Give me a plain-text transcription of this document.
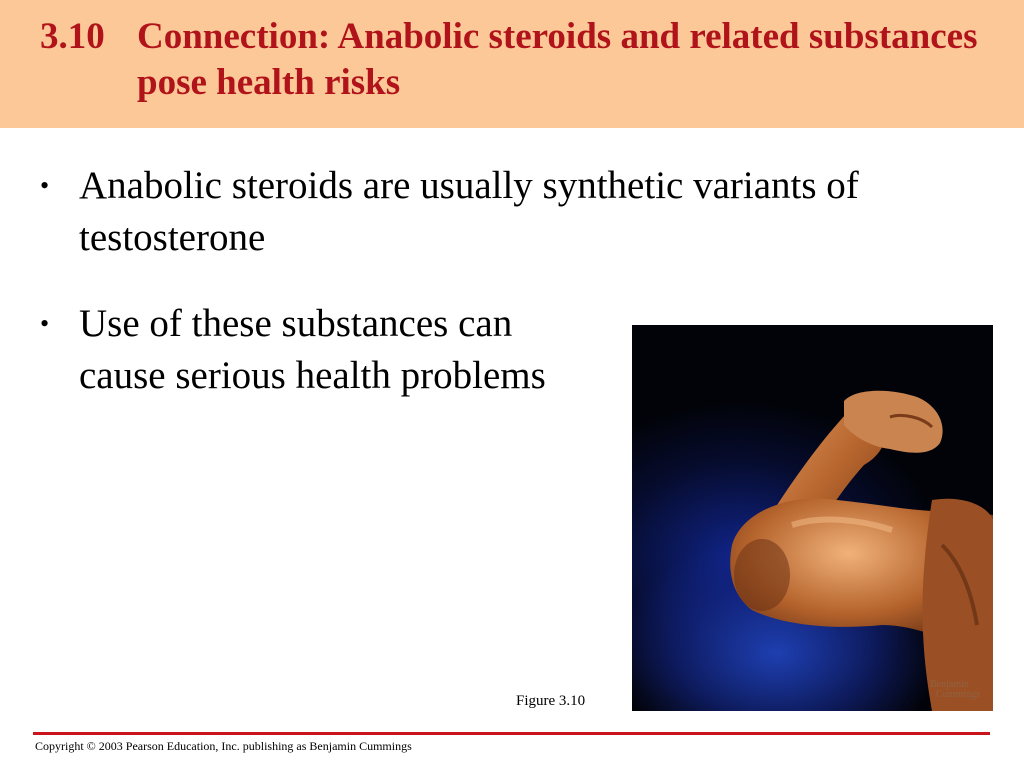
3.10 Connection: Anabolic steroids and related substances pose health risks
• Anabolic steroids are usually synthetic variants of testosterone
• Use of these substances can cause serious health problems
Benjamin
Cummings
Figure 3.10
Copyright © 2003 Pearson Education, Inc. publishing as Benjamin Cummings
